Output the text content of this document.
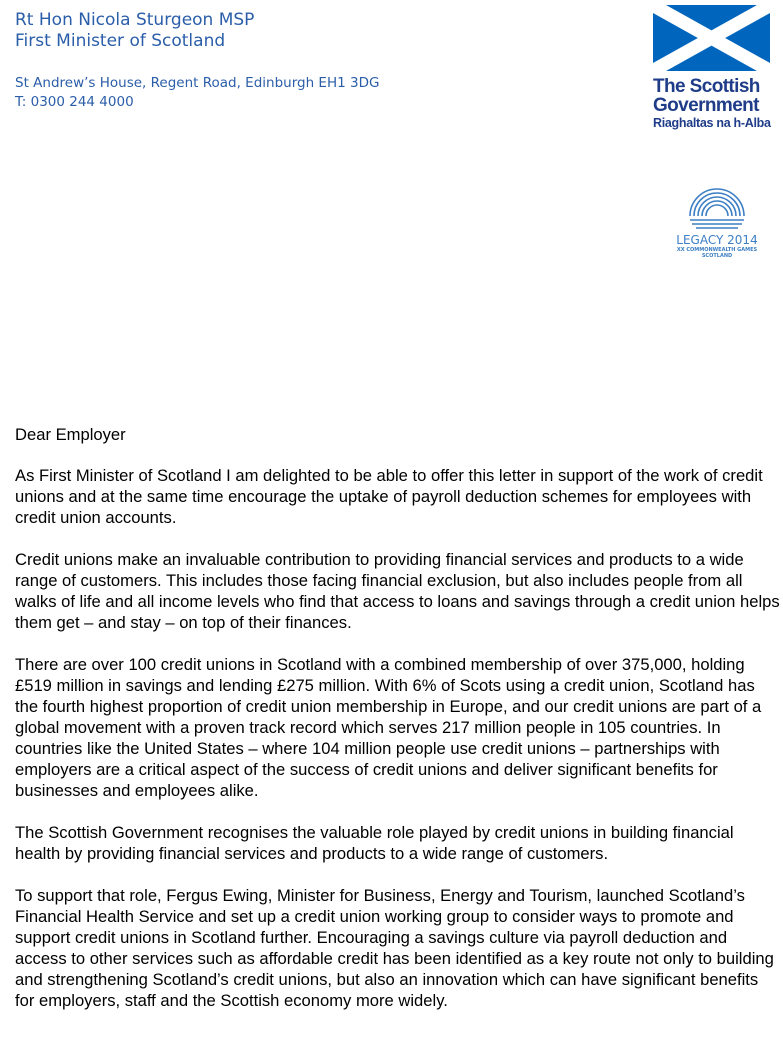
Rt Hon Nicola Sturgeon MSP
First Minister of Scotland
St Andrew’s House, Regent Road, Edinburgh EH1 3DG
T: 0300 244 4000
The Scottish
Government
Riaghaltas na h-Alba
LEGACY 2014
XX COMMONWEALTH GAMES
SCOTLAND

Dear Employer

As First Minister of Scotland I am delighted to be able to offer this letter in support of the work of credit unions and at the same time encourage the uptake of payroll deduction schemes for employees with credit union accounts.

Credit unions make an invaluable contribution to providing financial services and products to a wide range of customers. This includes those facing financial exclusion, but also includes people from all walks of life and all income levels who find that access to loans and savings through a credit union helps them get – and stay – on top of their finances.

There are over 100 credit unions in Scotland with a combined membership of over 375,000, holding £519 million in savings and lending £275 million. With 6% of Scots using a credit union, Scotland has the fourth highest proportion of credit union membership in Europe, and our credit unions are part of a global movement with a proven track record which serves 217 million people in 105 countries. In countries like the United States – where 104 million people use credit unions – partnerships with employers are a critical aspect of the success of credit unions and deliver significant benefits for businesses and employees alike.

The Scottish Government recognises the valuable role played by credit unions in building financial health by providing financial services and products to a wide range of customers.

To support that role, Fergus Ewing, Minister for Business, Energy and Tourism, launched Scotland’s Financial Health Service and set up a credit union working group to consider ways to promote and support credit unions in Scotland further. Encouraging a savings culture via payroll deduction and access to other services such as affordable credit has been identified as a key route not only to building and strengthening Scotland’s credit unions, but also an innovation which can have significant benefits for employers, staff and the Scottish economy more widely.
